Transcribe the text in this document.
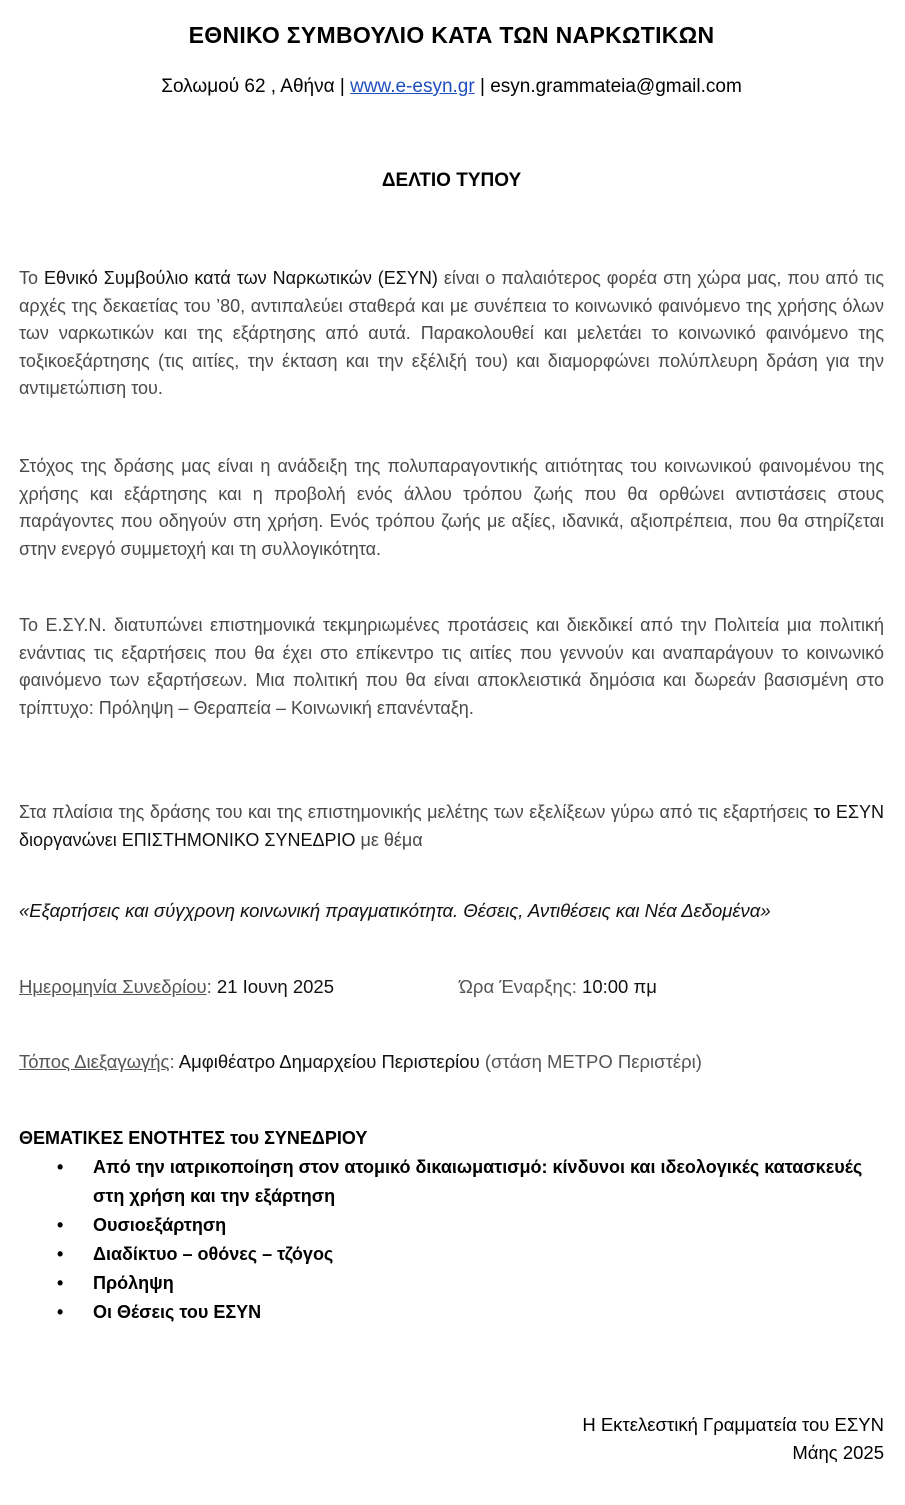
ΕΘΝΙΚΟ ΣΥΜΒΟΥΛΙΟ ΚΑΤΑ ΤΩΝ ΝΑΡΚΩΤΙΚΩΝ
Σολωμού 62 , Αθήνα | www.e-esyn.gr | esyn.grammateia@gmail.com
ΔΕΛΤΙΟ ΤΥΠΟΥ

Το Εθνικό Συμβούλιο κατά των Ναρκωτικών (ΕΣΥΝ) είναι ο παλαιότερος φορέα στη χώρα μας, που από τις αρχές της δεκαετίας του ’80, αντιπαλεύει σταθερά και με συνέπεια το κοινωνικό φαινόμενο της χρήσης όλων των ναρκωτικών και της εξάρτησης από αυτά. Παρακολουθεί και μελετάει το κοινωνικό φαινόμενο της τοξικοεξάρτησης (τις αιτίες, την έκταση και την εξέλιξή του) και διαμορφώνει πολύπλευρη δράση για την αντιμετώπιση του.

Στόχος της δράσης μας είναι η ανάδειξη της πολυπαραγοντικής αιτιότητας του κοινωνικού φαινομένου της χρήσης και εξάρτησης και η προβολή ενός άλλου τρόπου ζωής που θα ορθώνει αντιστάσεις στους παράγοντες που οδηγούν στη χρήση. Ενός τρόπου ζωής με αξίες, ιδανικά, αξιοπρέπεια, που θα στηρίζεται στην ενεργό συμμετοχή και τη συλλογικότητα.

Το Ε.ΣΥ.Ν. διατυπώνει επιστημονικά τεκμηριωμένες προτάσεις και διεκδικεί από την Πολιτεία μια πολιτική ενάντιας τις εξαρτήσεις που θα έχει στο επίκεντρο τις αιτίες που γεννούν και αναπαράγουν το κοινωνικό φαινόμενο των εξαρτήσεων. Μια πολιτική που θα είναι αποκλειστικά δημόσια και δωρεάν βασισμένη στο τρίπτυχο: Πρόληψη – Θεραπεία – Κοινωνική επανένταξη.

Στα πλαίσια της δράσης του και της επιστημονικής μελέτης των εξελίξεων γύρω από τις εξαρτήσεις το ΕΣΥΝ διοργανώνει ΕΠΙΣΤΗΜΟΝΙΚΟ ΣΥΝΕΔΡΙΟ με θέμα

«Εξαρτήσεις και σύγχρονη κοινωνική πραγματικότητα. Θέσεις, Αντιθέσεις και Νέα Δεδομένα»
Ημερομηνία Συνεδρίου: 21 Ιουνη 2025	Ώρα Έναρξης: 10:00 πμ
Τόπος Διεξαγωγής: Αμφιθέατρο Δημαρχείου Περιστερίου (στάση ΜΕΤΡΟ Περιστέρι)
ΘΕΜΑΤΙΚΕΣ ΕΝΟΤΗΤΕΣ του ΣΥΝΕΔΡΙΟΥ
• Από την ιατρικοποίηση στον ατομικό δικαιωματισμό: κίνδυνοι και ιδεολογικές κατασκευές στη χρήση και την εξάρτηση
• Ουσιοεξάρτηση
• Διαδίκτυο – οθόνες – τζόγος
• Πρόληψη
• Οι Θέσεις του ΕΣΥΝ
Η Εκτελεστική Γραμματεία του ΕΣΥΝ
Μάης 2025
